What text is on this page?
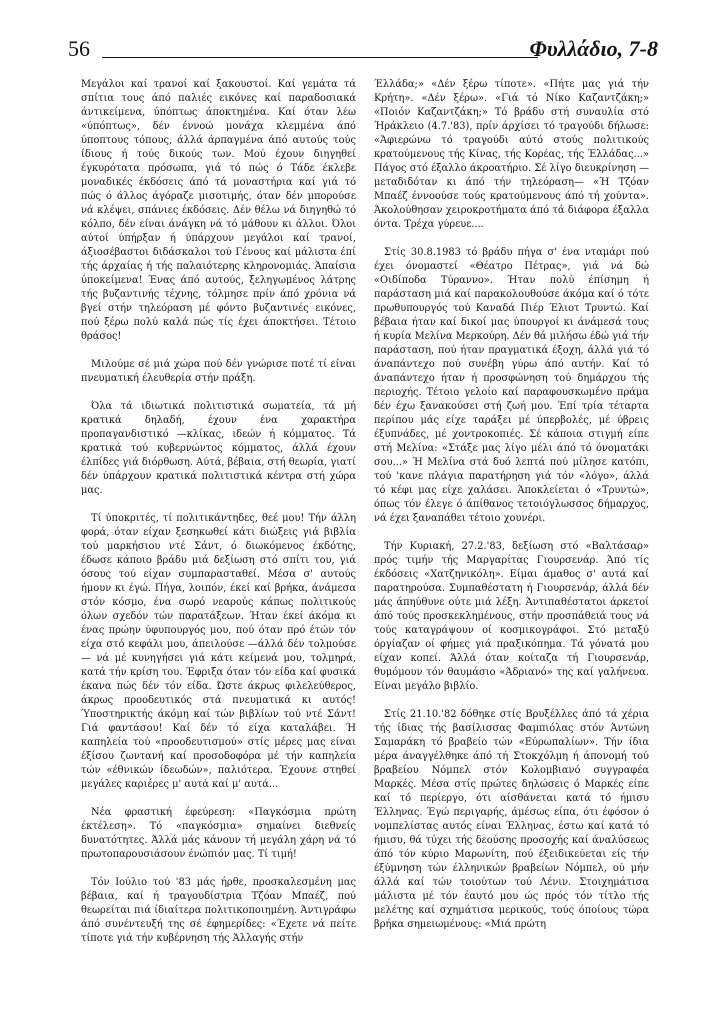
56	Φυλλάδιο, 7-8

Μεγάλοι καί τρανοί καί ξακουστοί. Καί γεμάτα τά σπίτια τους άπό παλιές εικόνες καί παραδοσιακά άντικείμενα, ύπόπτως άποκτημένα. Καί όταν λέω «ύπόπτως», δέν έννοώ μονάχα κλεμμένα άπό ύποπτους τόπους, άλλά άρπαγμένα άπό αυτούς τούς ίδιους ή τούς δικούς των. Μού έχουν διηγηθεί έγκυρότατα πρόσωπα, γιά τό πώς ό Τάδε έκλεβε μοναδικές έκδόσεις άπό τά μοναστήρια καί γιά τό πώς ό άλλος άγόραζε μισοτιμής, όταν δέν μπορούσε νά κλέψει, σπάνιες έκδόσεις. Δέν θέλω νά διηγηθώ τό κόλπο, δέν είναι άνάγκη νά τό μάθουν κι άλλοι. Όλοι αύτοί ύπήρξαν ή ύπάρχουν μεγάλοι καί τρανοί, άξιοσέβαστοι διδάσκαλοι τού Γένους καί μάλιστα έπί τής άρχαίας ή τής παλαιότερης κληρονομιάς. Άπαίσια ύποκείμενα! Ένας άπό αυτούς, ξεληγωμένος λάτρης τής βυζαντινής τέχνης, τόλμησε πρίν άπό χρόνια νά βγεί στήν τηλεόραση μέ φόντο βυζαντινές εικόνες, πού ξέρω πολύ καλά πώς τίς έχει άποκτήσει. Τέτοιο θράσος!

Μιλούμε σέ μιά χώρα πού δέν γνώρισε ποτέ τί είναι πνευματική έλευθερία στήν πράξη.

Όλα τά ιδιωτικά πολιτιστικά σωματεία, τά μή κρατικά δηλαδή, έχουν ένα χαρακτήρα προπαγανδιστικό —κλίκας, ιδεών ή κόμματος. Τά κρατικά τού κυβερνώντος κόμματος, άλλά έχουν έλπίδες γιά διόρθωση. Αύτά, βέβαια, στή θεωρία, γιατί δέν ύπάρχουν κρατικά πολιτιστικά κέντρα στή χώρα μας.

Τί ύποκριτές, τί πολιτικάντηδες, θεέ μου! Τήν άλλη φορά, όταν είχαν ξεσηκωθεί κάτι διώξεις γιά βιβλία τού μαρκήσιου ντέ Σάντ, ό διωκόμενος έκδότης, έδωσε κάποιο βράδυ μιά δεξίωση στό σπίτι του, γιά όσους τού είχαν συμπαρασταθεί. Μέσα σ' αυτούς ήμουν κι έγώ. Πήγα, λοιπόν, έκεί καί βρήκα, άνάμεσα στόν κόσμο, ένα σωρό νεαρούς κάπως πολιτικούς όλων σχεδόν τών παρατάξεων. Ήταν έκεί άκόμα κι ένας πρώην ύφυπουργός μου, πού όταν πρό έτών τόν είχα στό κεφάλι μου, άπειλούσε —άλλά δέν τολμούσε— νά μέ κυνηγήσει γιά κάτι κείμενά μου, τολμηρά, κατά τήν κρίση του. Έφριξα όταν τόν είδα καί φυσικά έκανα πώς δέν τόν είδα. Ώστε άκρως φιλελεύθερος, άκρως προοδευτικός στά πνευματικά κι αυτός! Ύποστηρικτής άκόμη καί τών βιβλίων τού ντέ Σάντ! Γιά φαντάσου! Καί δέν τό είχα καταλάβει. Ή καπηλεία τού «προοδευτισμού» στίς μέρες μας είναι έξίσου ζωντανή καί προσοδοφόρα μέ τήν καπηλεία τών «έθνικών ίδεωδών», παλιότερα. Έχουνε στηθεί μεγάλες καριέρες μ' αυτά καί μ' αυτά...

Νέα φραστική έφεύρεση: «Παγκόσμια πρώτη έκτέλεση». Τό «παγκόσμια» σημαίνει διεθνείς δυνατότητες. Άλλά μάς κάνουν τή μεγάλη χάρη νά τό πρωτοπαρουσιάσουν ένώπιόν μας. Τί τιμή!

Τόν Ιούλιο τού '83 μάς ήρθε, προσκαλεσμένη μας βέβαια, καί ή τραγουδίστρια Τζόαν Μπαέζ, πού θεωρείται πιά ίδιαίτερα πολιτικοποιημένη. Άντιγράφω άπό συνέντευξή της σέ έφημερίδες: «Έχετε νά πείτε τίποτε γιά τήν κυβέρνηση τής Άλλαγής στήν

Έλλάδα;» «Δέν ξέρω τίποτε». «Πήτε μας γιά τήν Κρήτη». «Δέν ξέρω». «Γιά τό Νίκο Καζαντζάκη;» «Ποιόν Καζαντζάκη;» Τό βράδυ στή συναυλία στό Ήράκλειο (4.7.'83), πρίν άρχίσει τό τραγούδι δήλωσε: «Άφιερώνω τό τραγούδι αύτό στούς πολιτικούς κρατούμενους τής Κίνας, τής Κορέας, τής Έλλάδας...» Πάγος στό έξαλλο άκροατήριο. Σέ λίγο διευκρίνηση —μεταδιδόταν κι άπό τήν τηλεόραση— «Ή Τζόαν Μπαέζ έννοούσε τούς κρατούμενους άπό τή χούντα». Άκολούθησαν χειροκροτήματα άπό τά διάφορα έξαλλα όντα. Τρέχα γύρευε....

Στίς 30.8.1983 τό βράδυ πήγα σ' ένα νταμάρι πού έχει όνομαστεί «Θέατρο Πέτρας», γιά νά δώ «Οιδίποδα Τύραννο». Ήταν πολύ έπίσημη ή παράσταση μιά καί παρακολουθούσε άκόμα καί ό τότε πρωθυπουργός τού Καναδά Πιέρ Έλιοτ Τρυντώ. Καί βέβαια ήταν καί δικοί μας ύπουργοί κι άνάμεσά τους ή κυρία Μελίνα Μερκούρη. Δέν θά μιλήσω έδώ γιά τήν παράσταση, πού ήταν πραγματικά έξοχη, άλλά γιά τό άναπάντεχο πού συνέβη γύρω άπό αυτήν. Καί τό άναπάντεχο ήταν ή προσφώνηση τού δημάρχου τής περιοχής. Τέτοιο γελοίο καί παραφουσκωμένο πράμα δέν έχω ξανακούσει στή ζωή μου. Έπί τρία τέταρτα περίπου μάς είχε ταράξει μέ ύπερβολές, μέ ύβρεις έξυπνάδες, μέ χοντροκοπιές. Σέ κάποια στιγμή είπε στή Μελίνα: «Στάξε μας λίγο μέλι άπό τό όνοματάκι σου...» Ή Μελίνα στά δυό λεπτά πού μίλησε κατόπι, τού 'κανε πλάγια παρατήρηση γιά τόν «λόγο», άλλά τό κέφι μας είχε χαλάσει. Άποκλείεται ό «Τρυντώ», όπως τόν έλεγε ό άπίθανος τετοιόγλωσσος δήμαρχος, νά έχει ξαναπάθει τέτοιο χουνέρι.

Τήν Κυριακή, 27.2.'83, δεξίωση στό «Βαλτάσαρ» πρός τιμήν τής Μαργαρίτας Γιουρσενάρ. Άπό τίς έκδόσεις «Χατζηνικόλη». Είμαι άμαθος σ' αυτά καί παρατηρούσα. Συμπαθέστατη ή Γιουρσενάρ, άλλά δέν μάς άπηύθυνε ούτε μιά λέξη. Άντιπαθέστατοι άρκετοί άπό τούς προσκεκλημένους, στήν προσπάθειά τους νά τούς καταγράψουν οί κοσμικογράφοι. Στό μεταξύ όργίαζαν οί φήμες γιά πραξικόπημα. Τά γόνατά μου είχαν κοπεί. Άλλά όταν κοίταζα τή Γιουρσενάρ, θυμόμουν τόν θαυμάσιο «Άδριανό» της καί γαλήνευα. Είναι μεγάλο βιβλίο.

Στίς 21.10.'82 δόθηκε στίς Βρυξέλλες άπό τά χέρια τής ίδιας τής βασίλισσας Φαμπιόλας στόν Άντώνη Σαμαράκη τό βραβείο τών «Εύρωπαλίων». Τήν ίδια μέρα άναγγέλθηκε άπό τή Στοκχόλμη ή άπονομή τού βραβείου Νόμπελ στόν Κολομβιανό συγγραφέα Μαρκές. Μέσα στίς πρώτες δηλώσεις ό Μαρκές είπε καί τό περίεργο, ότι αίσθάνεται κατά τό ήμισυ Έλληνας. Έγώ περιγαρής, άμέσως είπα, ότι έφόσον ό νομπελίστας αυτός είναι Έλληνας, έστω καί κατά τό ήμισυ, θά τύχει τής δεούσης προσοχής καί άναλύσεως άπό τόν κύριο Μαρωνίτη, πού έξειδικεύεται είς τήν έξύμνηση τών έλληνικών βραβείων Νόμπελ, ού μήν άλλά καί τών τοιούτων τού Λένιν. Στοιχημάτισα μάλιστα μέ τόν έαυτό μου ώς πρός τόν τίτλο τής μελέτης καί σχημάτισα μερικούς, τούς όποίους τώρα βρήκα σημειωμένους: «Μιά πρώτη
